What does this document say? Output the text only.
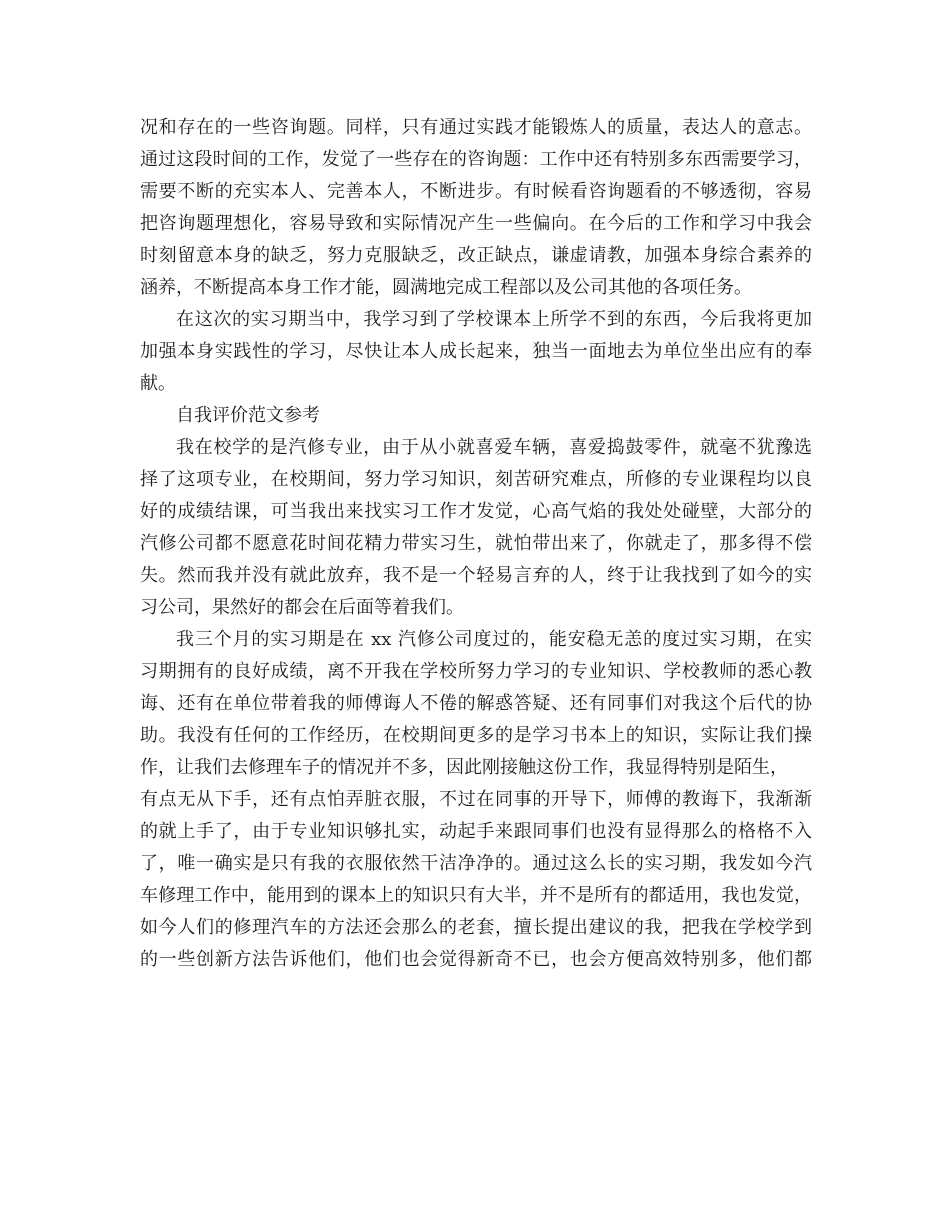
况和存在的一些咨询题。同样，只有通过实践才能锻炼人的质量，表达人的意志。
通过这段时间的工作，发觉了一些存在的咨询题：工作中还有特别多东西需要学习，
需要不断的充实本人、完善本人，不断进步。有时候看咨询题看的不够透彻，容易
把咨询题理想化，容易导致和实际情况产生一些偏向。在今后的工作和学习中我会
时刻留意本身的缺乏，努力克服缺乏，改正缺点，谦虚请教，加强本身综合素养的
涵养，不断提高本身工作才能，圆满地完成工程部以及公司其他的各项任务。
在这次的实习期当中，我学习到了学校课本上所学不到的东西，今后我将更加
加强本身实践性的学习，尽快让本人成长起来，独当一面地去为单位坐出应有的奉
献。
自我评价范文参考
我在校学的是汽修专业，由于从小就喜爱车辆，喜爱捣鼓零件，就毫不犹豫选
择了这项专业，在校期间，努力学习知识，刻苦研究难点，所修的专业课程均以良
好的成绩结课，可当我出来找实习工作才发觉，心高气焰的我处处碰壁，大部分的
汽修公司都不愿意花时间花精力带实习生，就怕带出来了，你就走了，那多得不偿
失。然而我并没有就此放弃，我不是一个轻易言弃的人，终于让我找到了如今的实
习公司，果然好的都会在后面等着我们。
我三个月的实习期是在 xx 汽修公司度过的，能安稳无恙的度过实习期，在实
习期拥有的良好成绩，离不开我在学校所努力学习的专业知识、学校教师的悉心教
诲、还有在单位带着我的师傅诲人不倦的解惑答疑、还有同事们对我这个后代的协
助。我没有任何的工作经历，在校期间更多的是学习书本上的知识，实际让我们操
作，让我们去修理车子的情况并不多，因此刚接触这份工作，我显得特别是陌生，
有点无从下手，还有点怕弄脏衣服，不过在同事的开导下，师傅的教诲下，我渐渐
的就上手了，由于专业知识够扎实，动起手来跟同事们也没有显得那么的格格不入
了，唯一确实是只有我的衣服依然干洁净净的。通过这么长的实习期，我发如今汽
车修理工作中，能用到的课本上的知识只有大半，并不是所有的都适用，我也发觉，
如今人们的修理汽车的方法还会那么的老套，擅长提出建议的我，把我在学校学到
的一些创新方法告诉他们，他们也会觉得新奇不已，也会方便高效特别多，他们都
